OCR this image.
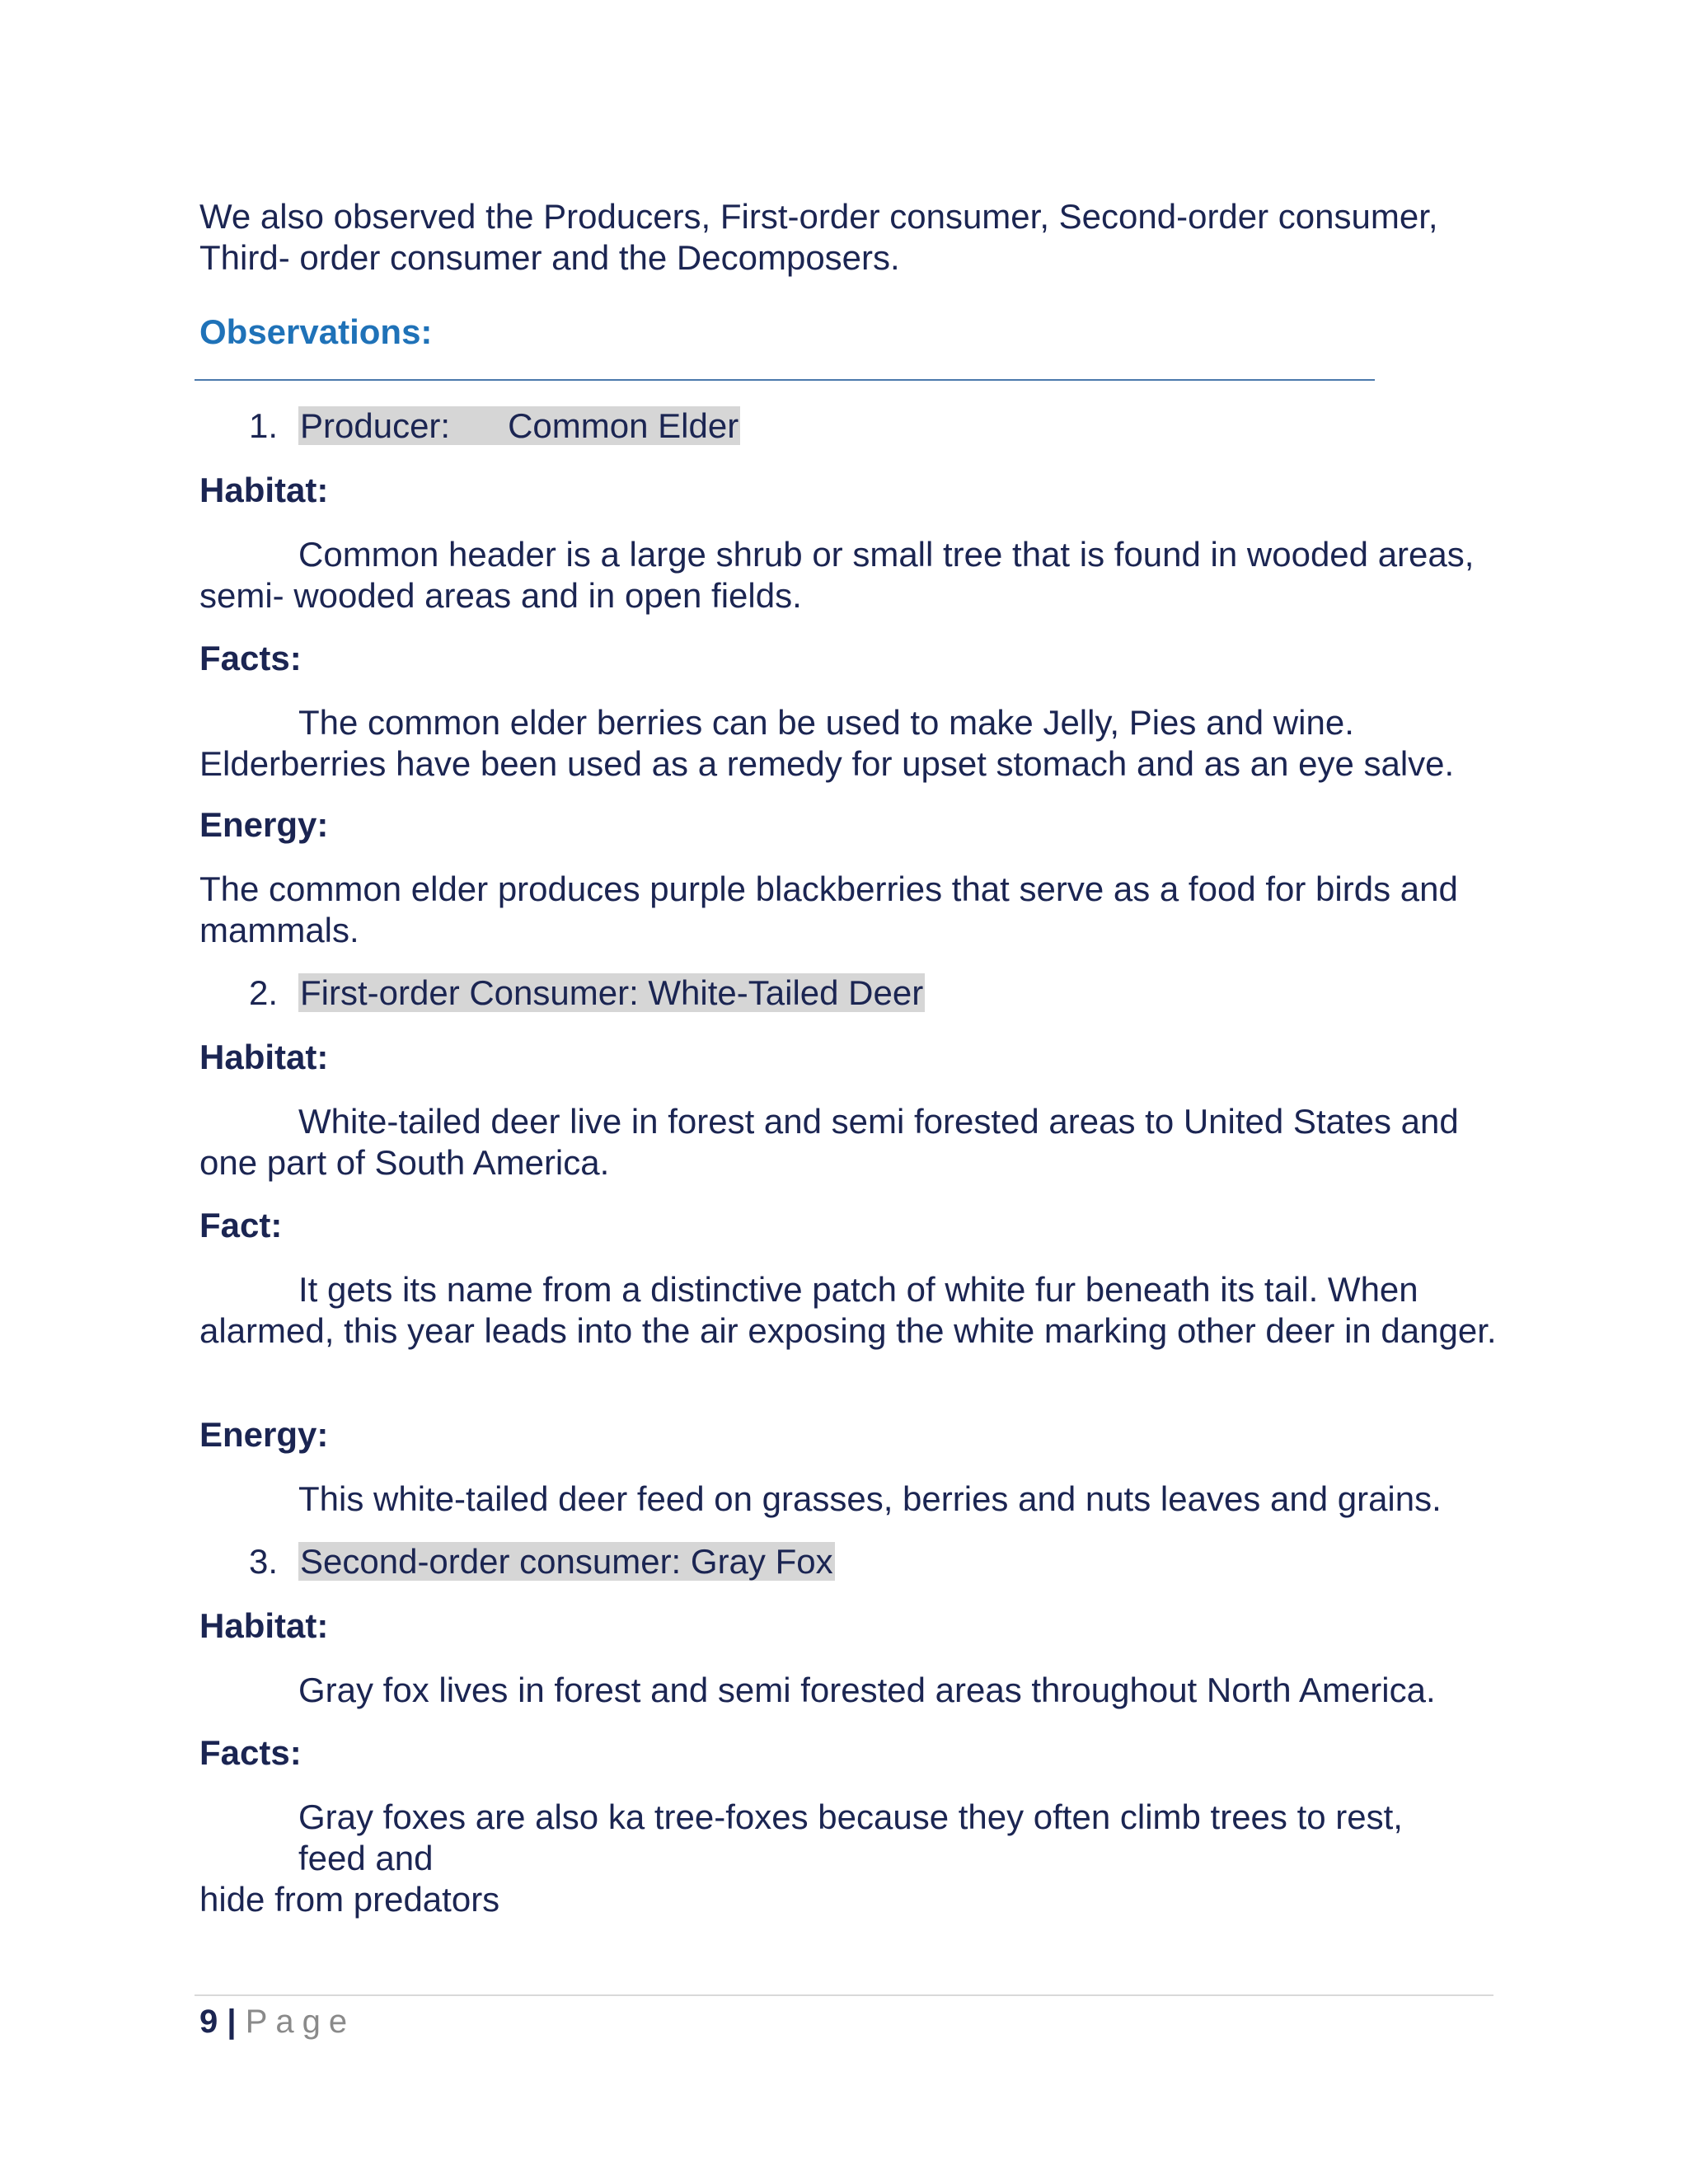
We also observed the Producers, First-order consumer, Second-order consumer, Third- order consumer and the Decomposers.

Observations:

1. Producer:      Common Elder

Habitat:

Common header is a large shrub or small tree that is found in wooded areas, semi- wooded areas and in open fields.

Facts:

The common elder berries can be used to make Jelly, Pies and wine. Elderberries have been used as a remedy for upset stomach and as an eye salve.

Energy:

The common elder produces purple blackberries that serve as a food for birds and mammals.

2. First-order Consumer: White-Tailed Deer

Habitat:

White-tailed deer live in forest and semi forested areas to United States and one part of South America.

Fact:

It gets its name from a distinctive patch of white fur beneath its tail. When alarmed, this year leads into the air exposing the white marking other deer in danger.

Energy:

This white-tailed deer feed on grasses, berries and nuts leaves and grains.

3. Second-order consumer: Gray Fox

Habitat:

Gray fox lives in forest and semi forested areas throughout North America.

Facts:

Gray foxes are also ka tree-foxes because they often climb trees to rest,

feed and

hide from predators

9 | Page
